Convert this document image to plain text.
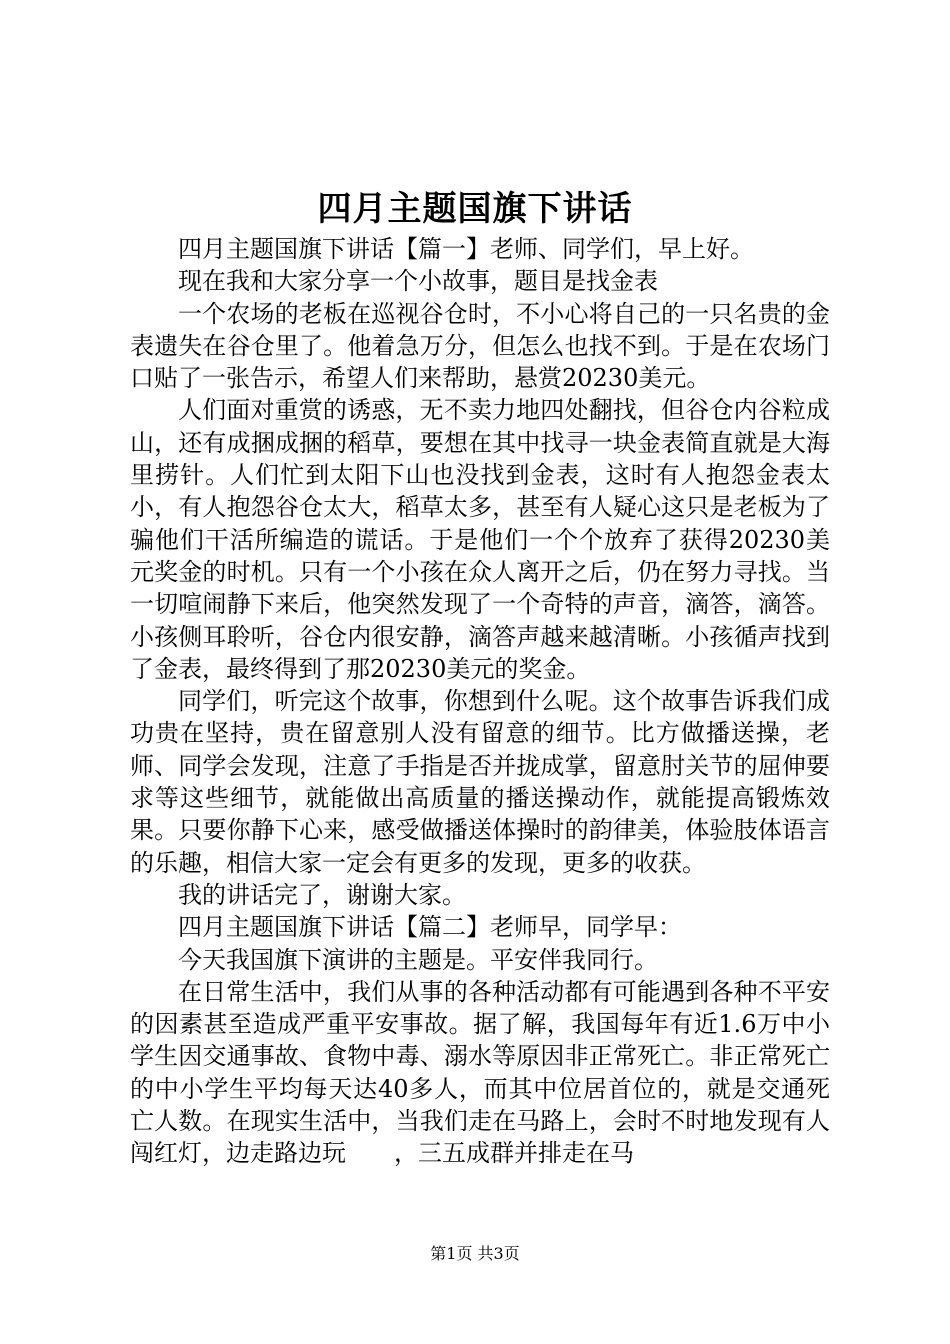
四月主题国旗下讲话

四月主题国旗下讲话【篇一】老师、同学们，早上好。

现在我和大家分享一个小故事，题目是找金表

一个农场的老板在巡视谷仓时，不小心将自己的一只名贵的金表遗失在谷仓里了。他着急万分，但怎么也找不到。于是在农场门口贴了一张告示，希望人们来帮助，悬赏20230美元。

人们面对重赏的诱惑，无不卖力地四处翻找，但谷仓内谷粒成山，还有成捆成捆的稻草，要想在其中找寻一块金表简直就是大海里捞针。人们忙到太阳下山也没找到金表，这时有人抱怨金表太小，有人抱怨谷仓太大，稻草太多，甚至有人疑心这只是老板为了骗他们干活所编造的谎话。于是他们一个个放弃了获得20230美元奖金的时机。只有一个小孩在众人离开之后，仍在努力寻找。当一切喧闹静下来后，他突然发现了一个奇特的声音，滴答，滴答。小孩侧耳聆听，谷仓内很安静，滴答声越来越清晰。小孩循声找到了金表，最终得到了那20230美元的奖金。

同学们，听完这个故事，你想到什么呢。这个故事告诉我们成功贵在坚持，贵在留意别人没有留意的细节。比方做播送操，老师、同学会发现，注意了手指是否并拢成掌，留意肘关节的屈伸要求等这些细节，就能做出高质量的播送操动作，就能提高锻炼效果。只要你静下心来，感受做播送体操时的韵律美，体验肢体语言的乐趣，相信大家一定会有更多的发现，更多的收获。

我的讲话完了，谢谢大家。

四月主题国旗下讲话【篇二】老师早，同学早：

今天我国旗下演讲的主题是。平安伴我同行。

在日常生活中，我们从事的各种活动都有可能遇到各种不平安的因素甚至造成严重平安事故。据了解，我国每年有近1.6万中小学生因交通事故、食物中毒、溺水等原因非正常死亡。非正常死亡的中小学生平均每天达40多人，而其中位居首位的，就是交通死亡人数。在现实生活中，当我们走在马路上，会时不时地发现有人闯红灯，边走路边玩　　，三五成群并排走在马

第1页 共3页
